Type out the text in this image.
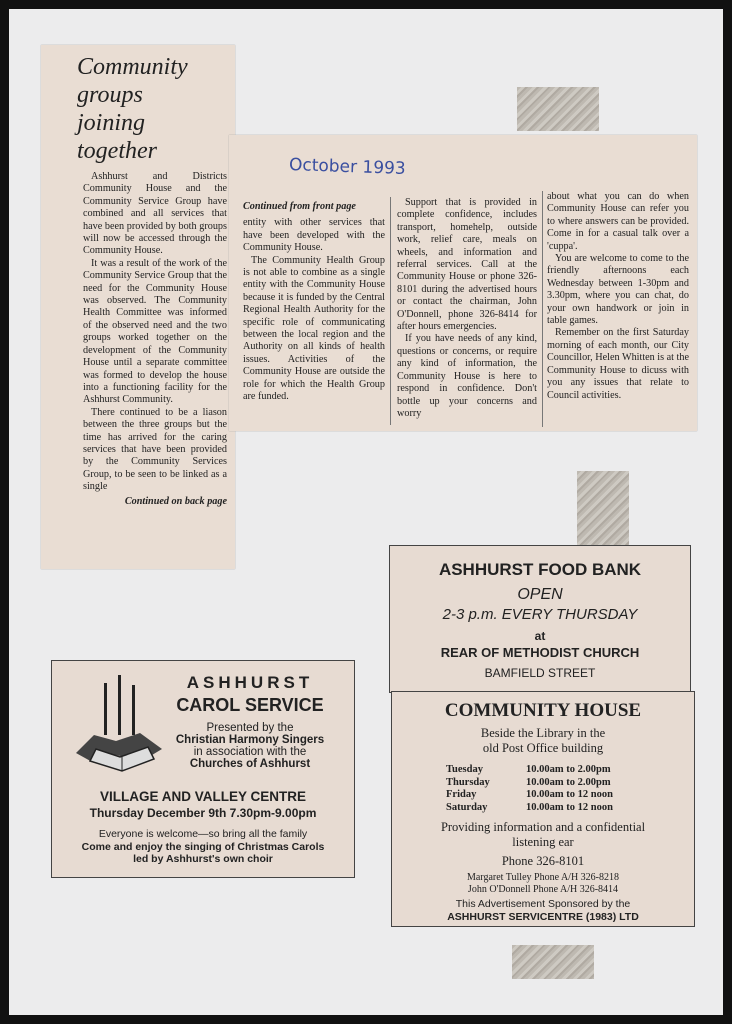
Community
groups
joining
together

Ashhurst and Districts Community House and the Community Service Group have combined and all services that have been provided by both groups will now be accessed through the Community House.

It was a result of the work of the Community Service Group that the need for the Community House was observed. The Community Health Committee was informed of the observed need and the two groups worked together on the development of the Community House until a separate committee was formed to develop the house into a functioning facility for the Ashhurst Community.

There continued to be a liason between the three groups but the time has arrived for the caring services that have been provided by the Community Services Group, to be seen to be linked as a single

Continued on back page
October 1993
Continued from front page

entity with other services that have been developed with the Community House.

The Community Health Group is not able to combine as a single entity with the Community House because it is funded by the Central Regional Health Authority for the specific role of communicating between the local region and the Authority on all kinds of health issues. Activities of the Community House are outside the role for which the Health Group are funded.

Support that is provided in complete confidence, includes transport, homehelp, outside work, relief care, meals on wheels, and information and referral services. Call at the Community House or phone 326-8101 during the advertised hours or contact the chairman, John O'Donnell, phone 326-8414 for after hours emergencies.

If you have needs of any kind, questions or concerns, or require any kind of information, the Community House is here to respond in confidence. Don't bottle up your concerns and worry

about what you can do when Community House can refer you to where answers can be provided. Come in for a casual talk over a 'cuppa'.

You are welcome to come to the friendly afternoons each Wednesday between 1-30pm and 3.30pm, where you can chat, do your own handwork or join in table games.

Remember on the first Saturday morning of each month, our City Councillor, Helen Whitten is at the Community House to dicuss with you any issues that relate to Council activities.

ASHHURST FOOD BANK
OPEN
2-3 p.m. EVERY THURSDAY
at
REAR OF METHODIST CHURCH
BAMFIELD STREET
COMMUNITY HOUSE
Beside the Library in the
old Post Office building
Tuesday	10.00am to 2.00pm
Thursday	10.00am to 2.00pm
Friday	10.00am to 12 noon
Saturday	10.00am to 12 noon
Providing information and a confidential
listening ear
Phone 326-8101
Margaret Tulley Phone A/H 326-8218
John O'Donnell Phone A/H 326-8414
This Advertisement Sponsored by the
ASHHURST SERVICENTRE (1983) LTD
ASHHURST
CAROL SERVICE
Presented by the
Christian Harmony Singers
in association with the
Churches of Ashhurst
VILLAGE AND VALLEY CENTRE
Thursday December 9th 7.30pm-9.00pm
Everyone is welcome—so bring all the family
Come and enjoy the singing of Christmas Carols
led by Ashhurst's own choir
